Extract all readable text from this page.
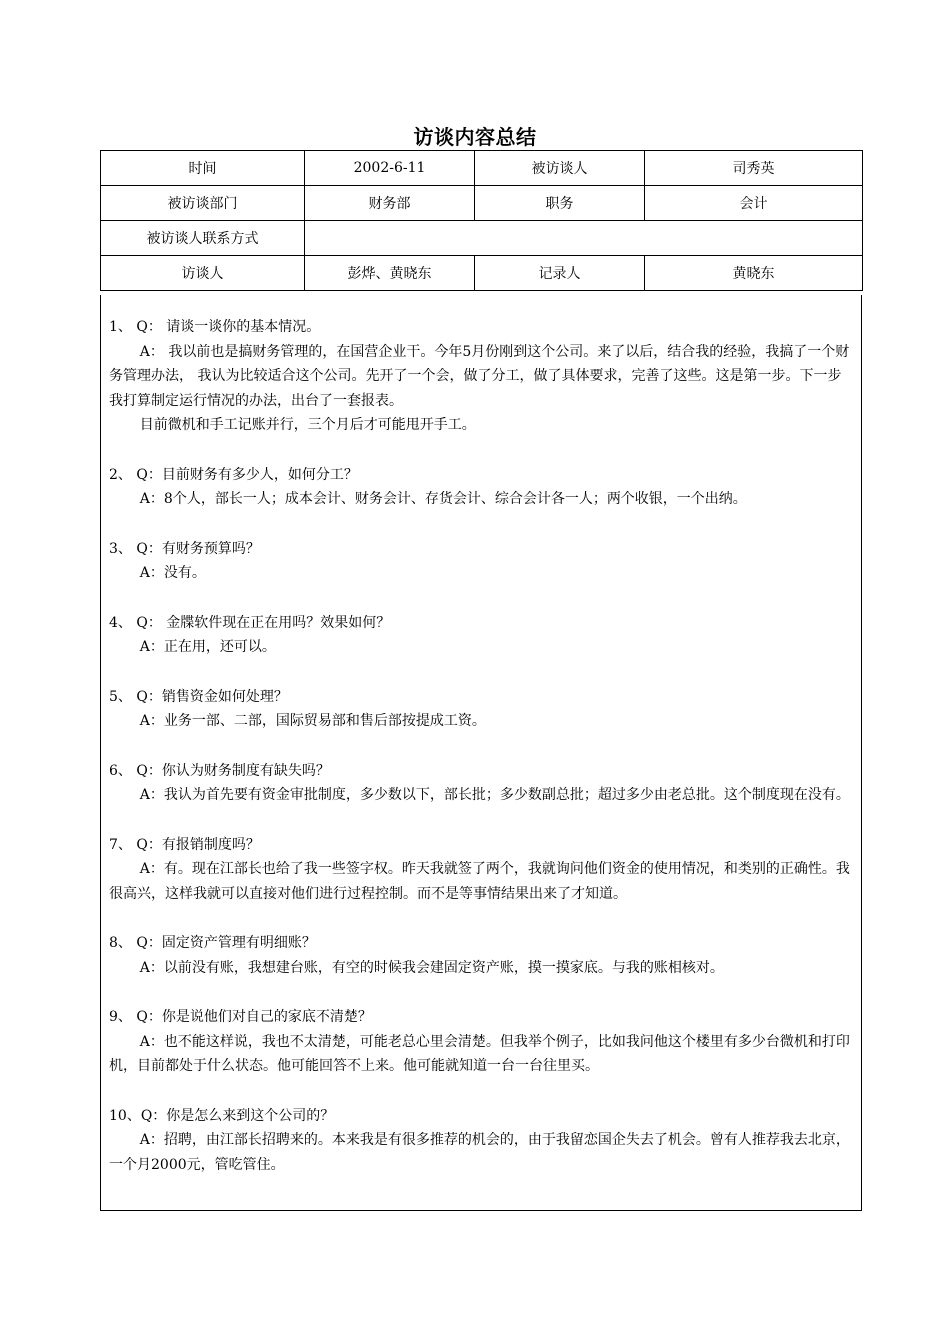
访谈内容总结
时间	2002-6-11	被访谈人	司秀英
被访谈部门	财务部	职务	会计
被访谈人联系方式			
访谈人	彭烨、黄晓东	记录人	黄晓东

1、 Q： 请谈一谈你的基本情况。

A： 我以前也是搞财务管理的，在国营企业干。今年5月份刚到这个公司。来了以后，结合我的经验，我搞了一个财务管理办法， 我认为比较适合这个公司。先开了一个会，做了分工，做了具体要求，完善了这些。这是第一步。下一步我打算制定运行情况的办法，出台了一套报表。

目前微机和手工记账并行，三个月后才可能甩开手工。

2、 Q：目前财务有多少人，如何分工？

A：8个人，部长一人；成本会计、财务会计、存货会计、综合会计各一人；两个收银，一个出纳。

3、 Q：有财务预算吗？

A：没有。

4、 Q： 金牒软件现在正在用吗？效果如何？

A：正在用，还可以。

5、 Q：销售资金如何处理？

A：业务一部、二部，国际贸易部和售后部按提成工资。

6、 Q：你认为财务制度有缺失吗？

A：我认为首先要有资金审批制度，多少数以下，部长批；多少数副总批；超过多少由老总批。这个制度现在没有。

7、 Q：有报销制度吗？

A：有。现在江部长也给了我一些签字权。昨天我就签了两个，我就询问他们资金的使用情况，和类别的正确性。我很高兴，这样我就可以直接对他们进行过程控制。而不是等事情结果出来了才知道。

8、 Q：固定资产管理有明细账？

A：以前没有账，我想建台账，有空的时候我会建固定资产账，摸一摸家底。与我的账相核对。

9、 Q：你是说他们对自己的家底不清楚？

A：也不能这样说，我也不太清楚，可能老总心里会清楚。但我举个例子，比如我问他这个楼里有多少台微机和打印机，目前都处于什么状态。他可能回答不上来。他可能就知道一台一台往里买。

10、Q：你是怎么来到这个公司的？

A：招聘，由江部长招聘来的。本来我是有很多推荐的机会的，由于我留恋国企失去了机会。曾有人推荐我去北京，一个月2000元，管吃管住。
